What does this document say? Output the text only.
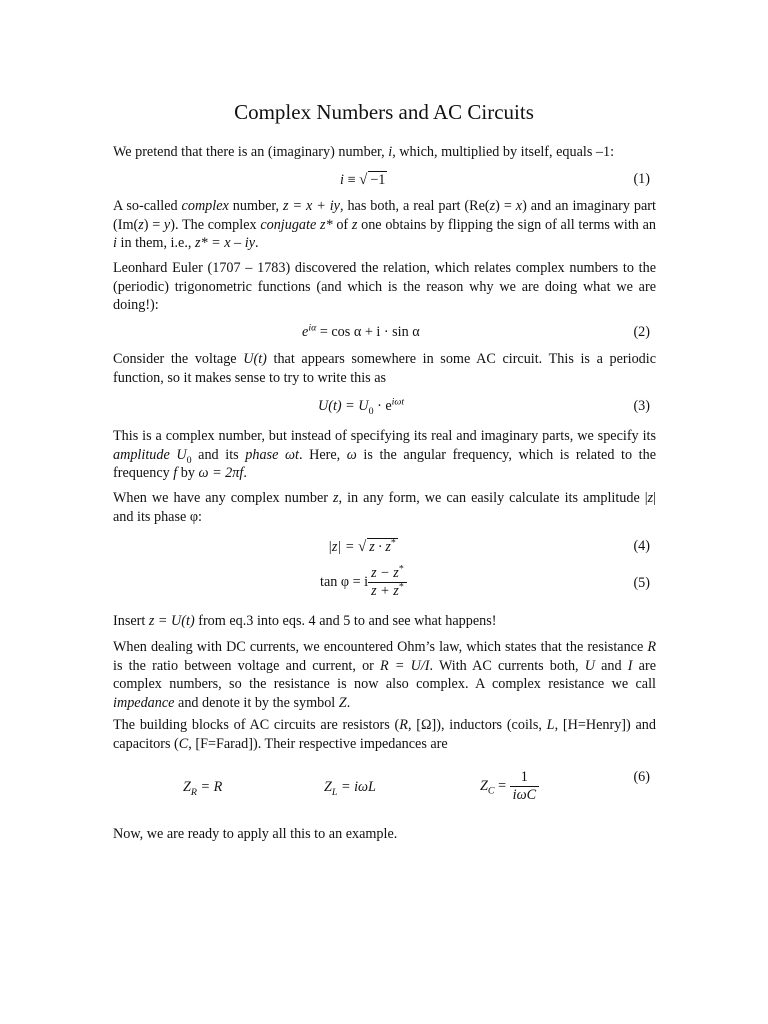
Complex Numbers and AC Circuits
We pretend that there is an (imaginary) number, i, which, multiplied by itself, equals –1:
i ≡ √ −1	(1)
A so-called complex number, z = x + iy, has both, a real part (Re(z) = x) and an imaginary part (Im(z) = y). The complex conjugate z* of z one obtains by flipping the sign of all terms with an i in them, i.e., z* = x – iy.
Leonhard Euler (1707 – 1783) discovered the relation, which relates complex numbers to the (periodic) trigonometric functions (and which is the reason why we are doing what we are doing!):
$e^{i\alpha} = \cos \alpha + i \cdot \sin \alpha$	(2)
Consider the voltage U(t) that appears somewhere in some AC circuit. This is a periodic function, so it makes sense to try to write this as
$U(t) = U_0 \cdot e^{i\omega t}$	(3)
This is a complex number, but instead of specifying its real and imaginary parts, we specify its amplitude $U_0$ and its phase ωt. Here, ω is the angular frequency, which is related to the frequency f by ω = 2πf.
When we have any complex number z, in any form, we can easily calculate its amplitude |z| and its phase φ:
|z| = √ z · z*	(4)
tan φ = i $\frac{z - z^*}{z + z^*}$	(5)
Insert z = U(t) from eq.3 into eqs. 4 and 5 to and see what happens!
When dealing with DC currents, we encountered Ohm’s law, which states that the resistance R is the ratio between voltage and current, or R = U/I. With AC currents both, U and I are complex numbers, so the resistance is now also complex. A complex resistance we call impedance and denote it by the symbol Z.
The building blocks of AC circuits are resistors (R, [Ω]), inductors (coils, L, [H=Henry]) and capacitors (C, [F=Farad]). Their respective impedances are
$Z_R = R$	$Z_L = i\omega L$	$Z_C = \frac{1}{\text{iωC}}$	(6)
Now, we are ready to apply all this to an example.
